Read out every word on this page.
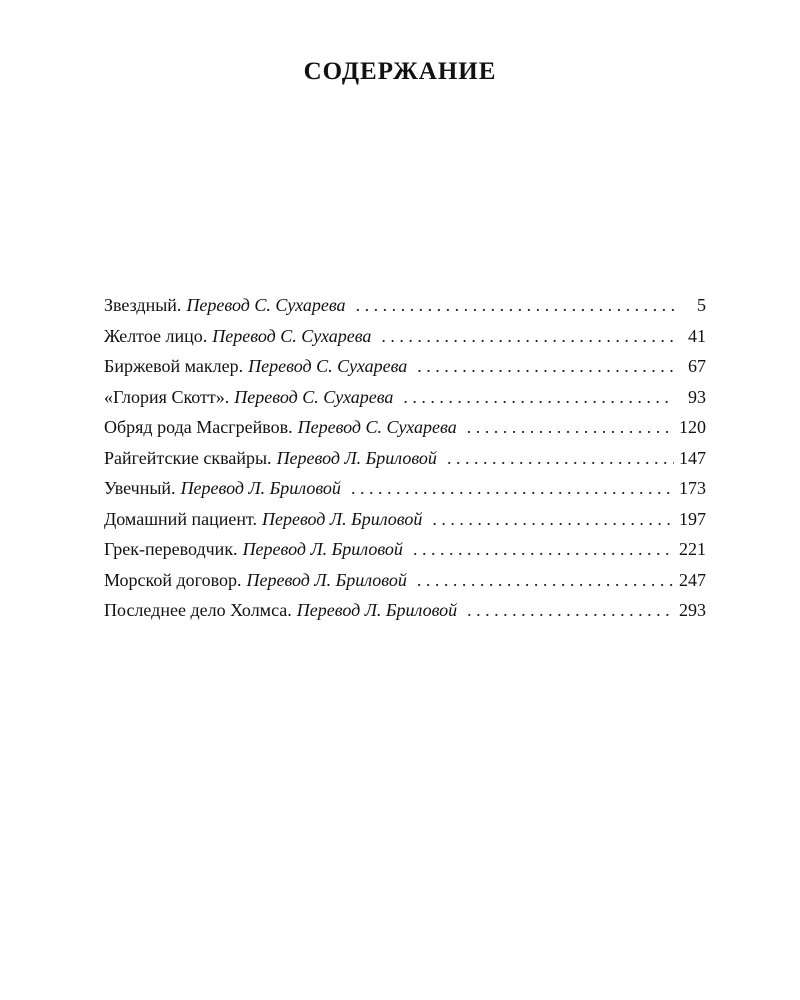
СОДЕРЖАНИЕ
Звездный. Перевод С. Сухарева . . .	5
Желтое лицо. Перевод С. Сухарева . . .	41
Биржевой маклер. Перевод С. Сухарева . . .	67
«Глория Скотт». Перевод С. Сухарева . . .	93
Обряд рода Масгрейвов. Перевод С. Сухарева . . .	120
Райгейтские сквайры. Перевод Л. Бриловой . . .	147
Увечный. Перевод Л. Бриловой . . .	173
Домашний пациент. Перевод Л. Бриловой . . .	197
Грек-переводчик. Перевод Л. Бриловой . . .	221
Морской договор. Перевод Л. Бриловой . . .	247
Последнее дело Холмса. Перевод Л. Бриловой . . .	293
